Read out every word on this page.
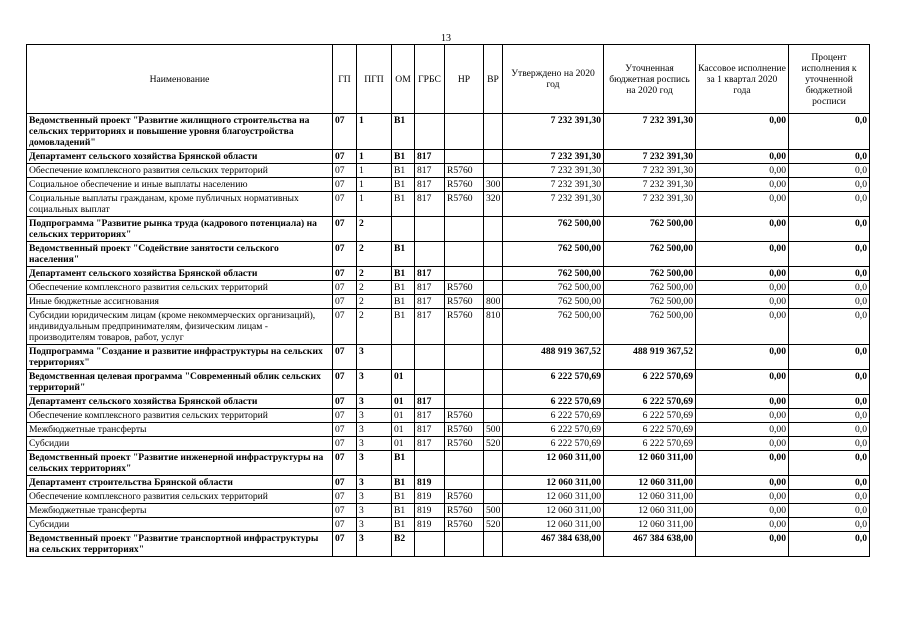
13
Наименование	ГП	ПГП	ОМ	ГРБС	НР	ВР	Утверждено на 2020 год	Уточненная бюджетная роспись на 2020 год	Кассовое исполнение за 1 квартал 2020 года	Процент исполнения к уточненной бюджетной росписи
Ведомственный проект "Развитие жилищного строительства на сельских территориях и повышение уровня благоустройства домовладений"	07	1	B1				7 232 391,30	7 232 391,30	0,00	0,0
Департамент сельского хозяйства Брянской области	07	1	B1	817			7 232 391,30	7 232 391,30	0,00	0,0
Обеспечение комплексного развития сельских территорий	07	1	B1	817	R5760		7 232 391,30	7 232 391,30	0,00	0,0
Социальное обеспечение и иные выплаты населению	07	1	B1	817	R5760	300	7 232 391,30	7 232 391,30	0,00	0,0
Социальные выплаты гражданам, кроме публичных нормативных социальных выплат	07	1	B1	817	R5760	320	7 232 391,30	7 232 391,30	0,00	0,0
Подпрограмма "Развитие рынка труда (кадрового потенциала) на сельских территориях"	07	2					762 500,00	762 500,00	0,00	0,0
Ведомственный проект "Содействие занятости сельского населения"	07	2	B1				762 500,00	762 500,00	0,00	0,0
Департамент сельского хозяйства Брянской области	07	2	B1	817			762 500,00	762 500,00	0,00	0,0
Обеспечение комплексного развития сельских территорий	07	2	B1	817	R5760		762 500,00	762 500,00	0,00	0,0
Иные бюджетные ассигнования	07	2	B1	817	R5760	800	762 500,00	762 500,00	0,00	0,0
Субсидии юридическим лицам (кроме некоммерческих организаций), индивидуальным предпринимателям, физическим лицам - производителям товаров, работ, услуг	07	2	B1	817	R5760	810	762 500,00	762 500,00	0,00	0,0
Подпрограмма "Создание и развитие инфраструктуры на сельских территориях"	07	3					488 919 367,52	488 919 367,52	0,00	0,0
Ведомственная целевая программа "Современный облик сельских территорий"	07	3	01				6 222 570,69	6 222 570,69	0,00	0,0
Департамент сельского хозяйства Брянской области	07	3	01	817			6 222 570,69	6 222 570,69	0,00	0,0
Обеспечение комплексного развития сельских территорий	07	3	01	817	R5760		6 222 570,69	6 222 570,69	0,00	0,0
Межбюджетные трансферты	07	3	01	817	R5760	500	6 222 570,69	6 222 570,69	0,00	0,0
Субсидии	07	3	01	817	R5760	520	6 222 570,69	6 222 570,69	0,00	0,0
Ведомственный проект "Развитие инженерной инфраструктуры на сельских территориях"	07	3	B1				12 060 311,00	12 060 311,00	0,00	0,0
Департамент строительства Брянской области	07	3	B1	819			12 060 311,00	12 060 311,00	0,00	0,0
Обеспечение комплексного развития сельских территорий	07	3	B1	819	R5760		12 060 311,00	12 060 311,00	0,00	0,0
Межбюджетные трансферты	07	3	B1	819	R5760	500	12 060 311,00	12 060 311,00	0,00	0,0
Субсидии	07	3	B1	819	R5760	520	12 060 311,00	12 060 311,00	0,00	0,0
Ведомственный проект "Развитие транспортной инфраструктуры на сельских территориях"	07	3	B2				467 384 638,00	467 384 638,00	0,00	0,0
